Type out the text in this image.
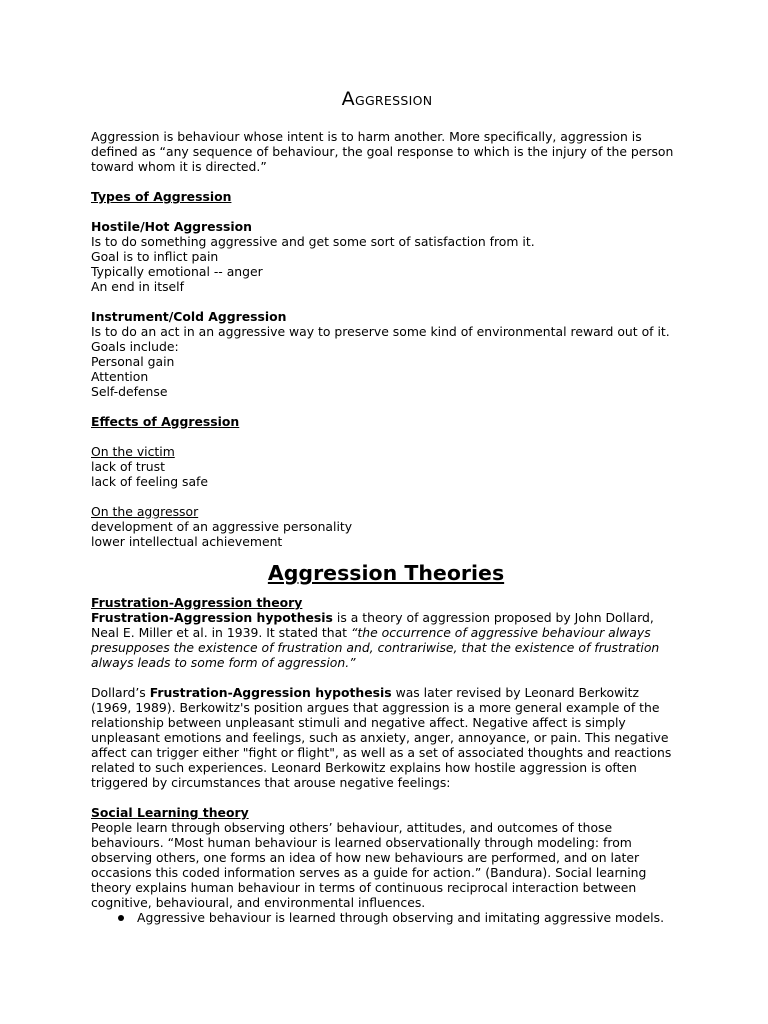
AGGRESSION

Aggression is behaviour whose intent is to harm another. More specifically, aggression is defined as “any sequence of behaviour, the goal response to which is the injury of the person toward whom it is directed.”

Types of Aggression

Hostile/Hot Aggression

Is to do something aggressive and get some sort of satisfaction from it.

Goal is to inflict pain

Typically emotional -- anger

An end in itself

Instrument/Cold Aggression

Is to do an act in an aggressive way to preserve some kind of environmental reward out of it.

Goals include:

Personal gain

Attention

Self-defense

Effects of Aggression

On the victim

lack of trust

lack of feeling safe

On the aggressor

development of an aggressive personality

lower intellectual achievement

Aggression Theories

Frustration-Aggression theory

Frustration-Aggression hypothesis is a theory of aggression proposed by John Dollard, Neal E. Miller et al. in 1939. It stated that “the occurrence of aggressive behaviour always presupposes the existence of frustration and, contrariwise, that the existence of frustration always leads to some form of aggression.”

Dollard’s Frustration-Aggression hypothesis was later revised by Leonard Berkowitz (1969, 1989). Berkowitz's position argues that aggression is a more general example of the relationship between unpleasant stimuli and negative affect. Negative affect is simply unpleasant emotions and feelings, such as anxiety, anger, annoyance, or pain. This negative affect can trigger either "fight or flight", as well as a set of associated thoughts and reactions related to such experiences. Leonard Berkowitz explains how hostile aggression is often triggered by circumstances that arouse negative feelings:

Social Learning theory

People learn through observing others’ behaviour, attitudes, and outcomes of those behaviours. “Most human behaviour is learned observationally through modeling: from observing others, one forms an idea of how new behaviours are performed, and on later occasions this coded information serves as a guide for action.” (Bandura). Social learning theory explains human behaviour in terms of continuous reciprocal interaction between cognitive, behavioural, and environmental influences.

Aggressive behaviour is learned through observing and imitating aggressive models.
